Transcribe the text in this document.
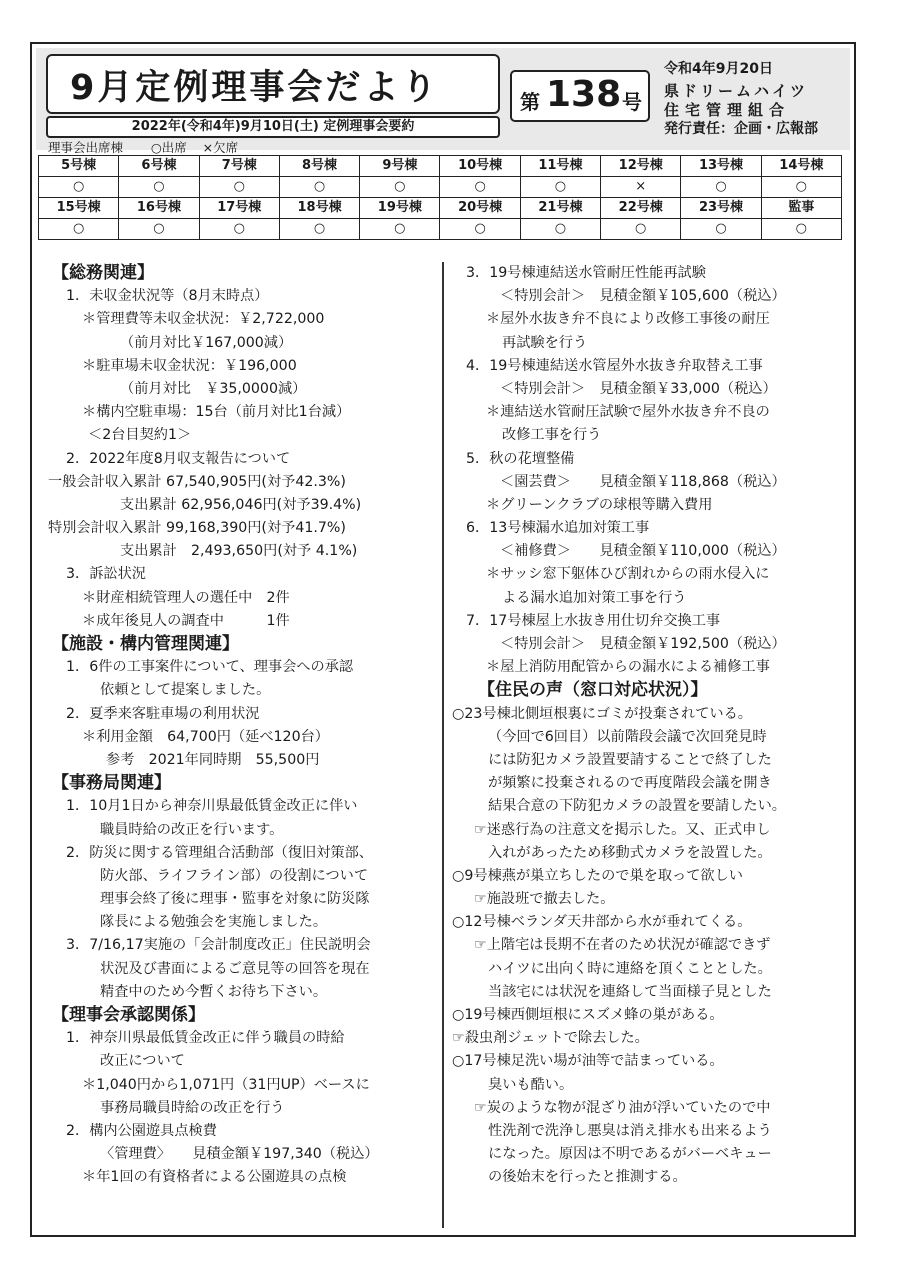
9月定例理事会だより
2022年(令和4年)9月10日(土) 定例理事会要約
第 138 号
令和4年9月20日
県ドリームハイツ
住宅管理組合
発行責任：企画・広報部
理事会出席棟 ○出席 ×欠席
5号棟	6号棟	7号棟	8号棟	9号棟	10号棟	11号棟	12号棟	13号棟	14号棟
○	○	○	○	○	○	○	×	○	○
15号棟	16号棟	17号棟	18号棟	19号棟	20号棟	21号棟	22号棟	23号棟	監事
○	○	○	○	○	○	○	○	○	○
【総務関連】
1．未収金状況等（8月末時点）
＊管理費等未収金状況：￥2,722,000
（前月対比￥167,000減）
＊駐車場未収金状況：￥196,000
（前月対比　￥35,0000減）
＊構内空駐車場：15台（前月対比1台減）
＜2台目契約1＞
2．2022年度8月収支報告について
一般会計収入累計 67,540,905円(対予42.3%)
支出累計 62,956,046円(対予39.4%)
特別会計収入累計 99,168,390円(対予41.7%)
支出累計　2,493,650円(対予 4.1%)
3．訴訟状況
＊財産相続管理人の選任中　2件
＊成年後見人の調査中　　　1件
【施設・構内管理関連】
1．6件の工事案件について、理事会への承認
依頼として提案しました。
2．夏季来客駐車場の利用状況
＊利用金額　64,700円（延べ120台）
参考　2021年同時期　55,500円
【事務局関連】
1．10月1日から神奈川県最低賃金改正に伴い
職員時給の改正を行います。
2．防災に関する管理組合活動部（復旧対策部、
防火部、ライフライン部）の役割について
理事会終了後に理事・監事を対象に防災隊
隊長による勉強会を実施しました。
3．7/16,17実施の「会計制度改正」住民説明会
状況及び書面によるご意見等の回答を現在
精査中のため今暫くお待ち下さい。
【理事会承認関係】
1．神奈川県最低賃金改正に伴う職員の時給
改正について
＊1,040円から1,071円（31円UP）ベースに
事務局職員時給の改正を行う
2．構内公園遊具点検費
〈管理費〉　　見積金額￥197,340（税込）
＊年1回の有資格者による公園遊具の点検
3．19号棟連結送水管耐圧性能再試験
＜特別会計＞　見積金額￥105,600（税込）
＊屋外水抜き弁不良により改修工事後の耐圧
再試験を行う
4．19号棟連結送水管屋外水抜き弁取替え工事
＜特別会計＞　見積金額￥33,000（税込）
＊連結送水管耐圧試験で屋外水抜き弁不良の
改修工事を行う
5．秋の花壇整備
＜園芸費＞　　見積金額￥118,868（税込）
＊グリーンクラブの球根等購入費用
6．13号棟漏水追加対策工事
＜補修費＞　　見積金額￥110,000（税込）
＊サッシ窓下躯体ひび割れからの雨水侵入に
よる漏水追加対策工事を行う
7．17号棟屋上水抜き用仕切弁交換工事
＜特別会計＞　見積金額￥192,500（税込）
＊屋上消防用配管からの漏水による補修工事
【住民の声（窓口対応状況）】
○23号棟北側垣根裏にゴミが投棄されている。
（今回で6回目）以前階段会議で次回発見時
には防犯カメラ設置要請することで終了した
が頻繁に投棄されるので再度階段会議を開き
結果合意の下防犯カメラの設置を要請したい。
☞迷惑行為の注意文を掲示した。又、正式申し
入れがあったため移動式カメラを設置した。
○9号棟燕が巣立ちしたので巣を取って欲しい
☞施設班で撤去した。
○12号棟ベランダ天井部から水が垂れてくる。
☞上階宅は長期不在者のため状況が確認できず
ハイツに出向く時に連絡を頂くこととした。
当該宅には状況を連絡して当面様子見とした
○19号棟西側垣根にスズメ蜂の巣がある。
☞殺虫剤ジェットで除去した。
○17号棟足洗い場が油等で詰まっている。
臭いも酷い。
☞炭のような物が混ざり油が浮いていたので中
性洗剤で洗浄し悪臭は消え排水も出来るよう
になった。原因は不明であるがバーベキュー
の後始末を行ったと推測する。
